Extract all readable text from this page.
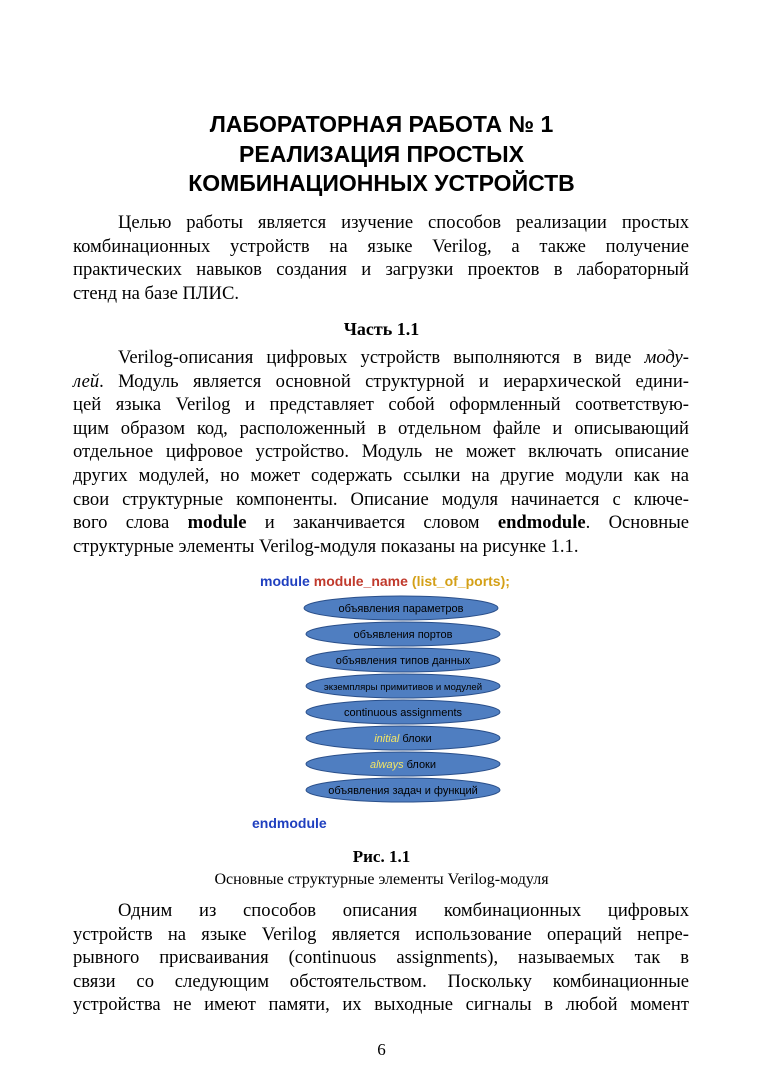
ЛАБОРАТОРНАЯ РАБОТА № 1
РЕАЛИЗАЦИЯ ПРОСТЫХ
КОМБИНАЦИОННЫХ УСТРОЙСТВ
Целью работы является изучение способов реализации простых
комбинационных устройств на языке Verilog, а также получение
практических навыков создания и загрузки проектов в лабораторный
стенд на базе ПЛИС.
Часть 1.1
Verilog-описания цифровых устройств выполняются в виде моду-
лей. Модуль является основной структурной и иерархической едини-
цей языка Verilog и представляет собой оформленный соответствую-
щим образом код, расположенный в отдельном файле и описывающий
отдельное цифровое устройство. Модуль не может включать описание
других модулей, но может содержать ссылки на другие модули как на
свои структурные компоненты. Описание модуля начинается с ключе-
вого слова module и заканчивается словом endmodule. Основные
структурные элементы Verilog-модуля показаны на рисунке 1.1.
module module_name (list_of_ports);
объявления параметров
объявления портов
объявления типов данных
экземпляры примитивов и модулей
continuous assignments
initial блоки
always блоки
объявления задач и функций
endmodule
Рис. 1.1
Основные структурные элементы Verilog-модуля
Одним из способов описания комбинационных цифровых
устройств на языке Verilog является использование операций непре-
рывного присваивания (continuous assignments), называемых так в
связи со следующим обстоятельством. Поскольку комбинационные
устройства не имеют памяти, их выходные сигналы в любой момент
6
